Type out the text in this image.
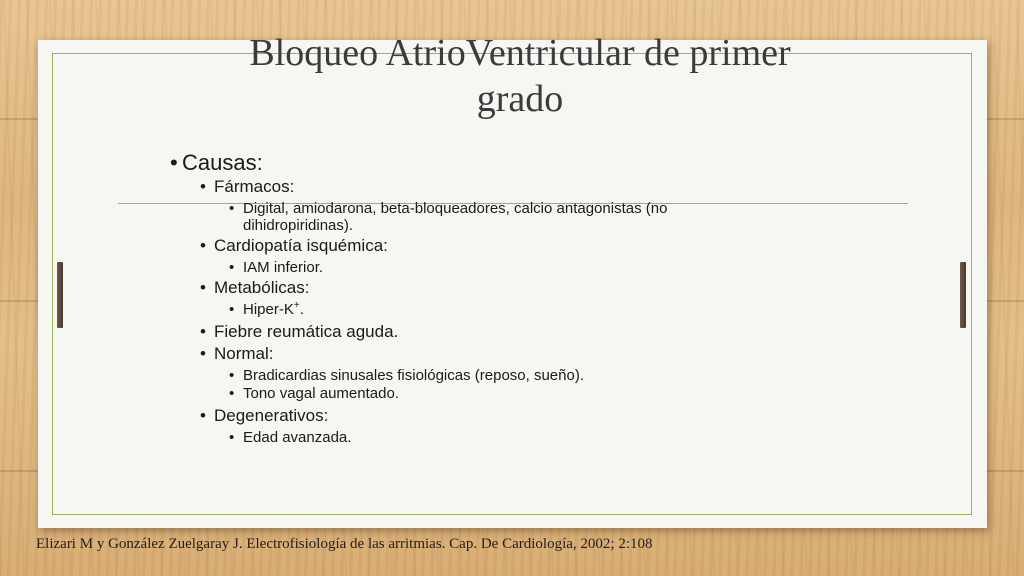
Bloqueo AtrioVentricular de primer
grado
• Causas:
• Fármacos:
• Digital, amiodarona, beta-bloqueadores, calcio antagonistas (no dihidropiridinas).
• Cardiopatía isquémica:
• IAM inferior.
• Metabólicas:
• Hiper-K+.
• Fiebre reumática aguda.
• Normal:
• Bradicardias sinusales fisiológicas (reposo, sueño).
• Tono vagal aumentado.
• Degenerativos:
• Edad avanzada.
Elizari M y González Zuelgaray J. Electrofisiología de las arritmias. Cap. De Cardiología, 2002; 2:108
